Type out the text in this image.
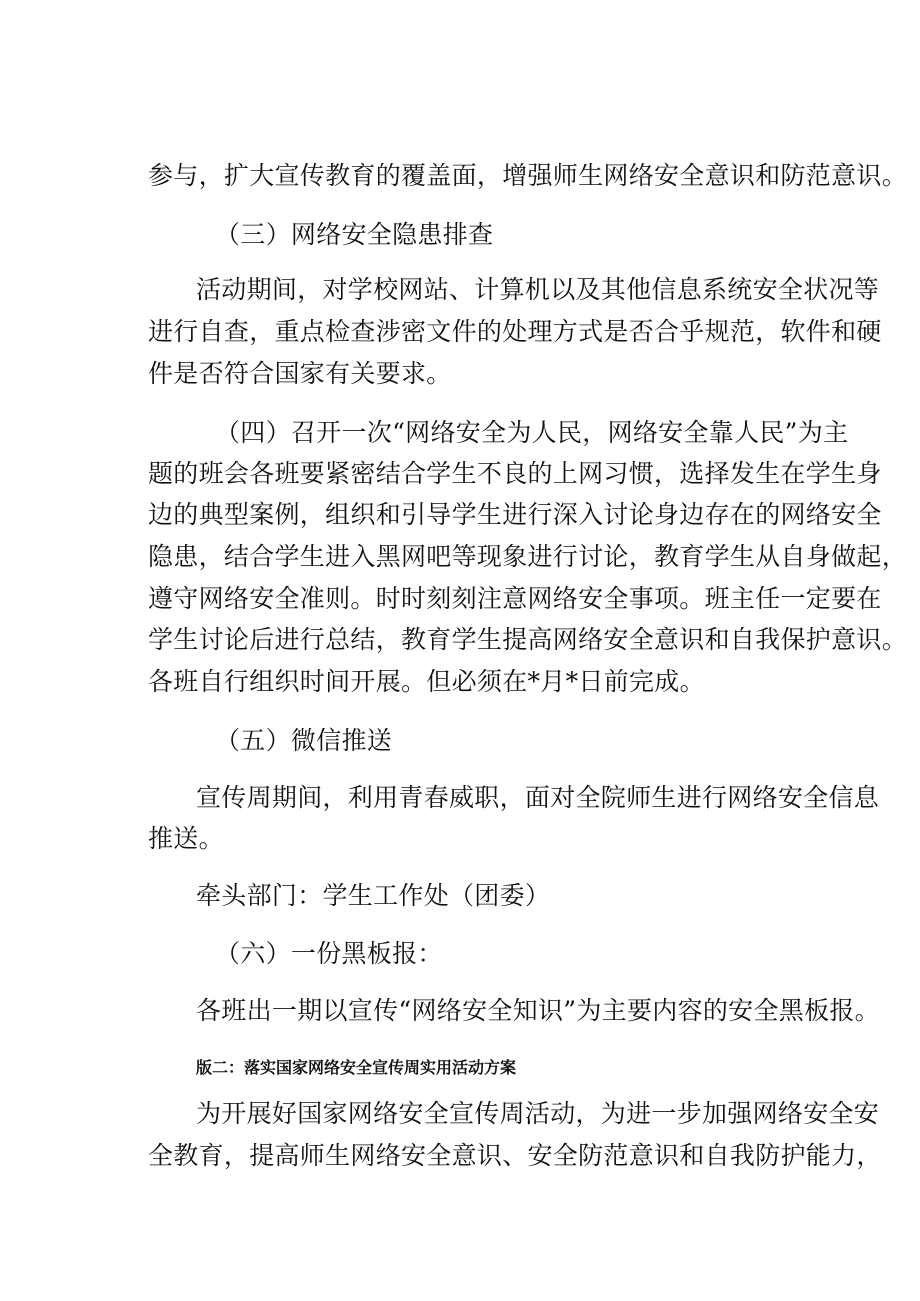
参与，扩大宣传教育的覆盖面，增强师生网络安全意识和防范意识。
（三）网络安全隐患排查
活动期间，对学校网站、计算机以及其他信息系统安全状况等
进行自查，重点检查涉密文件的处理方式是否合乎规范，软件和硬
件是否符合国家有关要求。
（四）召开一次“网络安全为人民，网络安全靠人民”为主
题的班会各班要紧密结合学生不良的上网习惯，选择发生在学生身
边的典型案例，组织和引导学生进行深入讨论身边存在的网络安全
隐患，结合学生进入黑网吧等现象进行讨论，教育学生从自身做起，
遵守网络安全准则。时时刻刻注意网络安全事项。班主任一定要在
学生讨论后进行总结，教育学生提高网络安全意识和自我保护意识。
各班自行组织时间开展。但必须在*月*日前完成。
（五）微信推送
宣传周期间，利用青春威职，面对全院师生进行网络安全信息
推送。
牵头部门：学生工作处（团委）
（六）一份黑板报：
各班出一期以宣传“网络安全知识”为主要内容的安全黑板报。
版二：落实国家网络安全宣传周实用活动方案
为开展好国家网络安全宣传周活动，为进一步加强网络安全安
全教育，提高师生网络安全意识、安全防范意识和自我防护能力，
